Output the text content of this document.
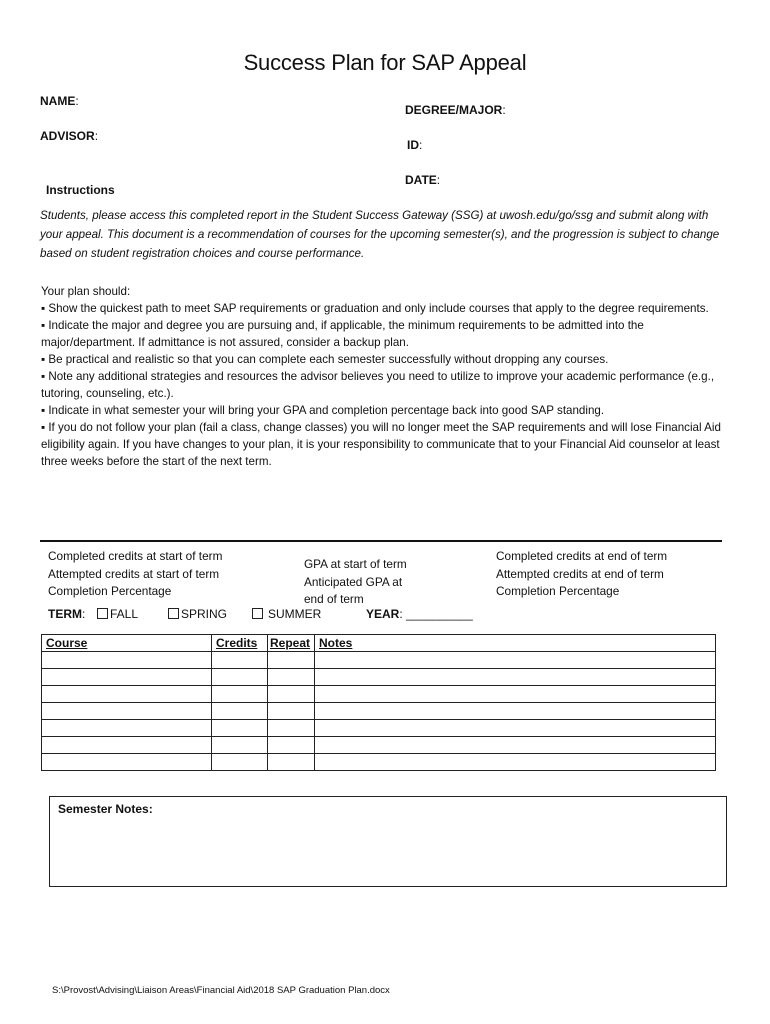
Success Plan for SAP Appeal
NAME:
DEGREE/MAJOR:
ADVISOR:
ID:
DATE:
Instructions
Students, please access this completed report in the Student Success Gateway (SSG) at uwosh.edu/go/ssg and submit along with your appeal. This document is a recommendation of courses for the upcoming semester(s), and the progression is subject to change based on student registration choices and course performance.
Your plan should:
▪ Show the quickest path to meet SAP requirements or graduation and only include courses that apply to the degree requirements.
▪ Indicate the major and degree you are pursuing and, if applicable, the minimum requirements to be admitted into the major/department. If admittance is not assured, consider a backup plan.
▪ Be practical and realistic so that you can complete each semester successfully without dropping any courses.
▪ Note any additional strategies and resources the advisor believes you need to utilize to improve your academic performance (e.g., tutoring, counseling, etc.).
▪ Indicate in what semester your will bring your GPA and completion percentage back into good SAP standing.
▪ If you do not follow your plan (fail a class, change classes) you will no longer meet the SAP requirements and will lose Financial Aid eligibility again. If you have changes to your plan, it is your responsibility to communicate that to your Financial Aid counselor at least three weeks before the start of the next term.
Completed credits at start of term
Attempted credits at start of term
Completion Percentage
GPA at start of term
Anticipated GPA at
end of term
Completed credits at end of term
Attempted credits at end of term
Completion Percentage
TERM:	FALL	SPRING	SUMMER	YEAR: __________
Course	Credits	Repeat	Notes

Semester Notes:
S:\Provost\Advising\Liaison Areas\Financial Aid\2018 SAP Graduation Plan.docx
